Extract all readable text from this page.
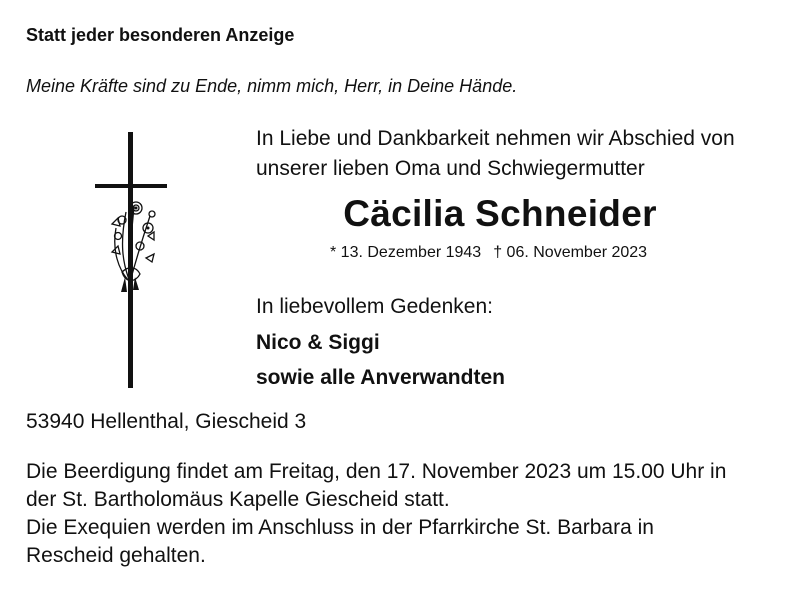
Statt jeder besonderen Anzeige

Meine Kräfte sind zu Ende, nimm mich, Herr, in Deine Hände.

In Liebe und Dankbarkeit nehmen wir Abschied von
unserer lieben Oma und Schwiegermutter

Cäcilia Schneider

* 13. Dezember 1943 † 06. November 2023

In liebevollem Gedenken:

Nico & Siggi

sowie alle Anverwandten

53940 Hellenthal, Giescheid 3

Die Beerdigung findet am Freitag, den 17. November 2023 um 15.00 Uhr in
der St. Bartholomäus Kapelle Giescheid statt.
Die Exequien werden im Anschluss in der Pfarrkirche St. Barbara in
Rescheid gehalten.
